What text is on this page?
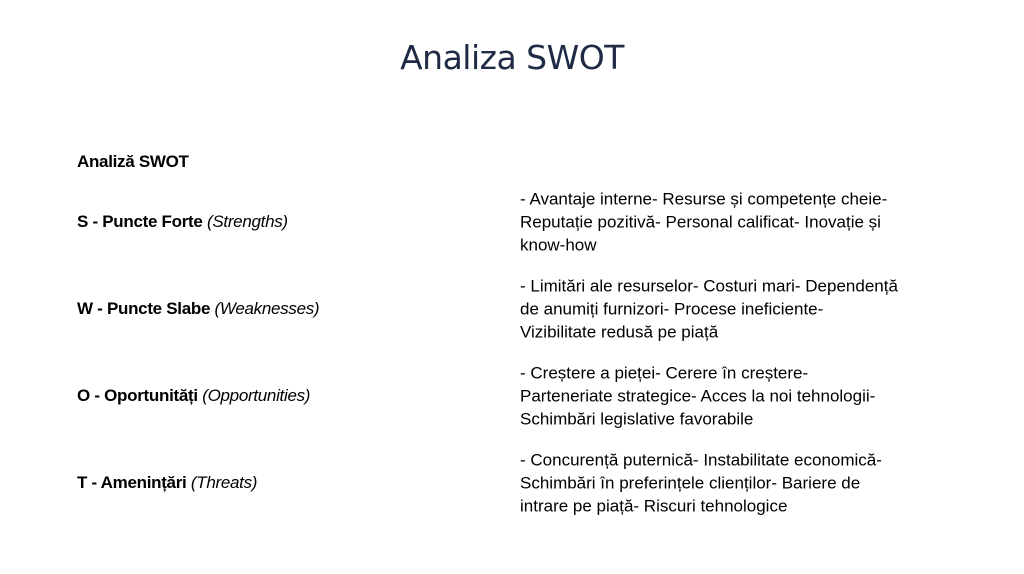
Analiza SWOT
Analiză SWOT
S - Puncte Forte (Strengths)
- Avantaje interne- Resurse și competențe cheie-
Reputație pozitivă- Personal calificat- Inovație și
know-how
W - Puncte Slabe (Weaknesses)
- Limitări ale resurselor- Costuri mari- Dependență
de anumiți furnizori- Procese ineficiente-
Vizibilitate redusă pe piață
O - Oportunități (Opportunities)
- Creștere a pieței- Cerere în creștere-
Parteneriate strategice- Acces la noi tehnologii-
Schimbări legislative favorabile
T - Amenințări (Threats)
- Concurență puternică- Instabilitate economică-
Schimbări în preferințele clienților- Bariere de
intrare pe piață- Riscuri tehnologice
